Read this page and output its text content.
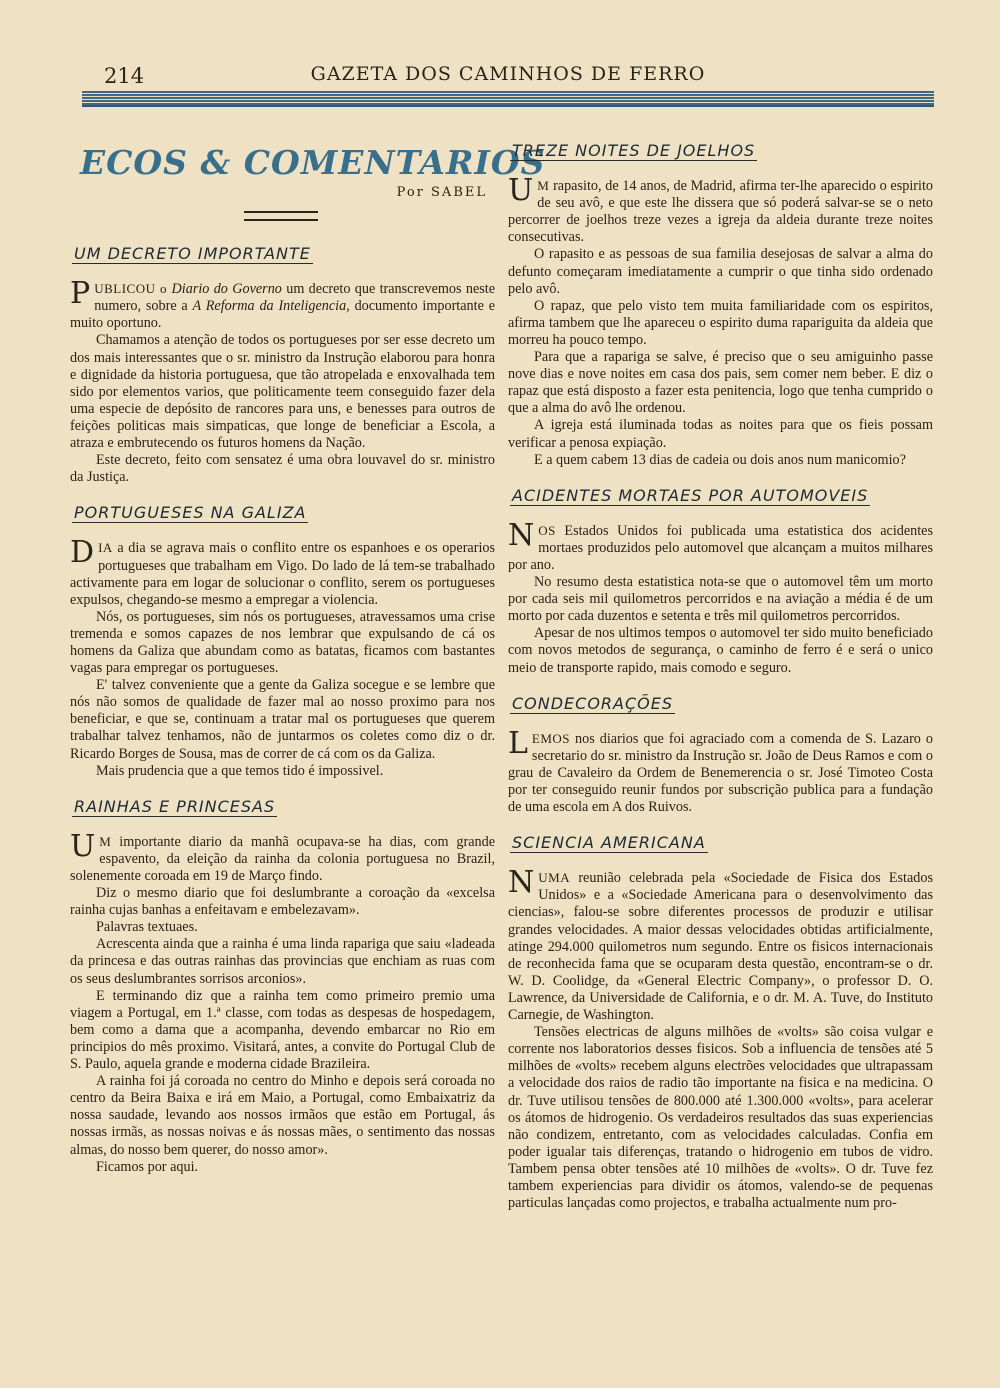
214	GAZETA DOS CAMINHOS DE FERRO
ECOS & COMENTARIOS
Por SABEL
UM DECRETO IMPORTANTE

PUBLICOU o Diario do Governo um decreto que transcrevemos neste numero, sobre a A Reforma da Inteligencia, documento importante e muito oportuno.

Chamamos a atenção de todos os portugueses por ser esse decreto um dos mais interessantes que o sr. ministro da Instrução elaborou para honra e dignidade da historia portuguesa, que tão atropelada e enxovalhada tem sido por elementos varios, que politicamente teem conseguido fazer dela uma especie de depósito de rancores para uns, e benesses para outros de feições politicas mais simpaticas, que longe de beneficiar a Escola, a atraza e embrutecendo os futuros homens da Nação.

Este decreto, feito com sensatez é uma obra louvavel do sr. ministro da Justiça.

PORTUGUESES NA GALIZA

DIA a dia se agrava mais o conflito entre os espanhoes e os operarios portugueses que trabalham em Vigo. Do lado de lá tem-se trabalhado activamente para em logar de solucionar o conflito, serem os portugueses expulsos, chegando-se mesmo a empregar a violencia.

Nós, os portugueses, sim nós os portugueses, atravessamos uma crise tremenda e somos capazes de nos lembrar que expulsando de cá os homens da Galiza que abundam como as batatas, ficamos com bastantes vagas para empregar os portugueses.

E' talvez conveniente que a gente da Galiza socegue e se lembre que nós não somos de qualidade de fazer mal ao nosso proximo para nos beneficiar, e que se, continuam a tratar mal os portugueses que querem trabalhar talvez tenhamos, não de juntarmos os coletes como diz o dr. Ricardo Borges de Sousa, mas de correr de cá com os da Galiza.

Mais prudencia que a que temos tido é impossivel.

RAINHAS E PRINCESAS

U M importante diario da manhã ocupava-se ha dias, com grande espavento, da eleição da rainha da colonia portuguesa no Brazil, solenemente coroada em 19 de Março findo.

Diz o mesmo diario que foi deslumbrante a coroação da «excelsa rainha cujas banhas a enfeitavam e embelezavam».

Palavras textuaes.

Acrescenta ainda que a rainha é uma linda rapariga que saiu «ladeada da princesa e das outras rainhas das provincias que enchiam as ruas com os seus deslumbrantes sorrisos arconios».

E terminando diz que a rainha tem como primeiro premio uma viagem a Portugal, em 1.ª classe, com todas as despesas de hospedagem, bem como a dama que a acompanha, devendo embarcar no Rio em principios do mês proximo. Visitará, antes, a convite do Portugal Club de S. Paulo, aquela grande e moderna cidade Brazileira.

A rainha foi já coroada no centro do Minho e depois será coroada no centro da Beira Baixa e irá em Maio, a Portugal, como Embaixatriz da nossa saudade, levando aos nossos irmãos que estão em Portugal, ás nossas irmãs, as nossas noivas e ás nossas mães, o sentimento das nossas almas, do nosso bem querer, do nosso amor».

Ficamos por aqui.

TREZE NOITES DE JOELHOS

U M rapasito, de 14 anos, de Madrid, afirma ter-lhe aparecido o espirito de seu avô, e que este lhe dissera que só poderá salvar-se se o neto percorrer de joelhos treze vezes a igreja da aldeia durante treze noites consecutivas.

O rapasito e as pessoas de sua familia desejosas de salvar a alma do defunto começaram imediatamente a cumprir o que tinha sido ordenado pelo avô.

O rapaz, que pelo visto tem muita familiaridade com os espiritos, afirma tambem que lhe apareceu o espirito duma rapariguita da aldeia que morreu ha pouco tempo.

Para que a rapariga se salve, é preciso que o seu amiguinho passe nove dias e nove noites em casa dos pais, sem comer nem beber. E diz o rapaz que está disposto a fazer esta penitencia, logo que tenha cumprido o que a alma do avô lhe ordenou.

A igreja está iluminada todas as noites para que os fieis possam verificar a penosa expiação.

E a quem cabem 13 dias de cadeia ou dois anos num manicomio?

ACIDENTES MORTAES POR AUTOMOVEIS

NOS Estados Unidos foi publicada uma estatistica dos acidentes mortaes produzidos pelo automovel que alcançam a muitos milhares por ano.

No resumo desta estatistica nota-se que o automovel têm um morto por cada seis mil quilometros percorridos e na aviação a média é de um morto por cada duzentos e setenta e três mil quilometros percorridos.

Apesar de nos ultimos tempos o automovel ter sido muito beneficiado com novos metodos de segurança, o caminho de ferro é e será o unico meio de transporte rapido, mais comodo e seguro.

CONDECORAÇÕES

LEMOS nos diarios que foi agraciado com a comenda de S. Lazaro o secretario do sr. ministro da Instrução sr. João de Deus Ramos e com o grau de Cavaleiro da Ordem de Benemerencia o sr. José Timoteo Costa por ter conseguido reunir fundos por subscrição publica para a fundação de uma escola em A dos Ruivos.

SCIENCIA AMERICANA

NUMA reunião celebrada pela «Sociedade de Fisica dos Estados Unidos» e a «Sociedade Americana para o desenvolvimento das ciencias», falou-se sobre diferentes processos de produzir e utilisar grandes velocidades. A maior dessas velocidades obtidas artificialmente, atinge 294.000 quilometros num segundo. Entre os fisicos internacionais de reconhecida fama que se ocuparam desta questão, encontram-se o dr. W. D. Coolidge, da «General Electric Company», o professor D. O. Lawrence, da Universidade de California, e o dr. M. A. Tuve, do Instituto Carnegie, de Washington.

Tensões electricas de alguns milhões de «volts» são coisa vulgar e corrente nos laboratorios desses fisicos. Sob a influencia de tensões até 5 milhões de «volts» recebem alguns electrões velocidades que ultrapassam a velocidade dos raios de radio tão importante na fisica e na medicina. O dr. Tuve utilisou tensões de 800.000 até 1.300.000 «volts», para acelerar os átomos de hidrogenio. Os verdadeiros resultados das suas experiencias não condizem, entretanto, com as velocidades calculadas. Confia em poder igualar tais diferenças, tratando o hidrogenio em tubos de vidro. Tambem pensa obter tensões até 10 milhões de «volts». O dr. Tuve fez tambem experiencias para dividir os átomos, valendo-se de pequenas particulas lançadas como projectos, e trabalha actualmente num pro-
